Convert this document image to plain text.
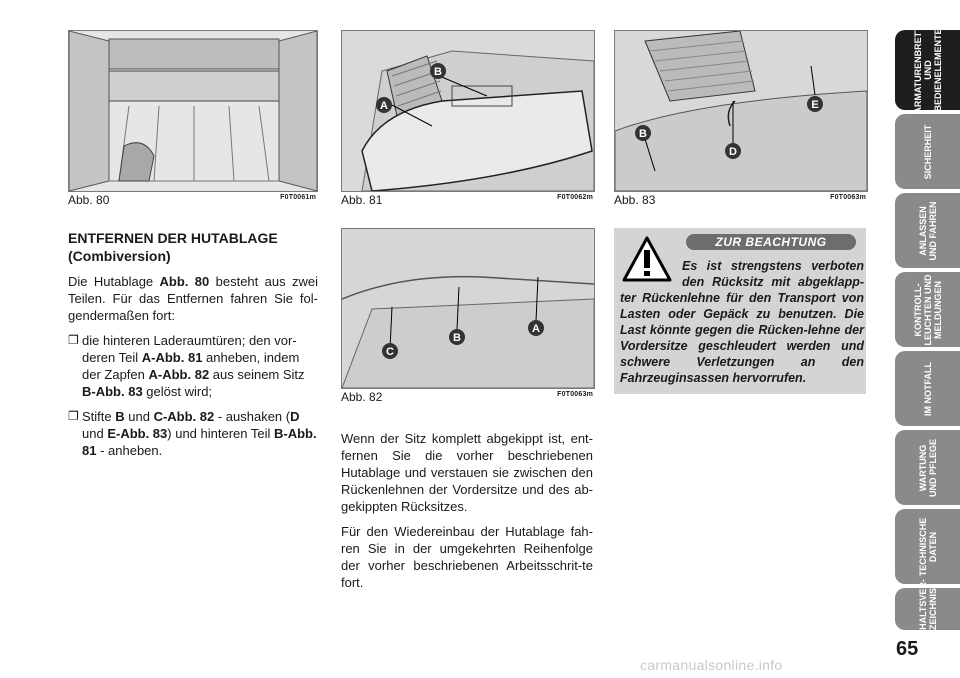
Abb. 80	F0T0061m
A
B
Abb. 81	F0T0062m
B
D
E
Abb. 83	F0T0063m
C
B
A
Abb. 82	F0T0063m
ENTFERNEN DER HUTABLAGE
(Combiversion)

Die Hutablage Abb. 80 besteht aus zwei Teilen. Für das Entfernen fahren Sie fol-gendermaßen fort:

❐ die hinteren Laderaumtüren; den vor-deren Teil A-Abb. 81 anheben, indem der Zapfen A-Abb. 82 aus seinem Sitz B-Abb. 83 gelöst wird;
❐ Stifte B und C-Abb. 82 - aushaken (D und E-Abb. 83) und hinteren Teil B-Abb. 81 - anheben.

Wenn der Sitz komplett abgekippt ist, ent-fernen Sie die vorher beschriebenen Hutablage und verstauen sie zwischen den Rückenlehnen der Vordersitze und des ab-gekippten Rücksitzes.

Für den Wiedereinbau der Hutablage fah-ren Sie in der umgekehrten Reihenfolge der vorher beschriebenen Arbeitsschrit-te fort.

ZUR BEACHTUNG
Es ist strengstens verboten den Rücksitz mit abgeklapp-ter Rückenlehne für den Transport von Lasten oder Gepäck zu benutzen. Die Last könnte gegen die Rücken-lehne der Vordersitze geschleudert werden und schwere Verletzungen an den Fahrzeuginsassen hervorrufen.
ARMATURENBRETT
UND
BEDIENELEMENTE
SICHERHEIT
ANLASSEN
UND FAHREN
KONTROLL-
LEUCHTEN UND
MELDUNGEN
IM NOTFALL
WARTUNG
UND PFLEGE
TECHNISCHE
DATEN
INHALTSVER-
ZEICHNIS
65
carmanualsonline.info
